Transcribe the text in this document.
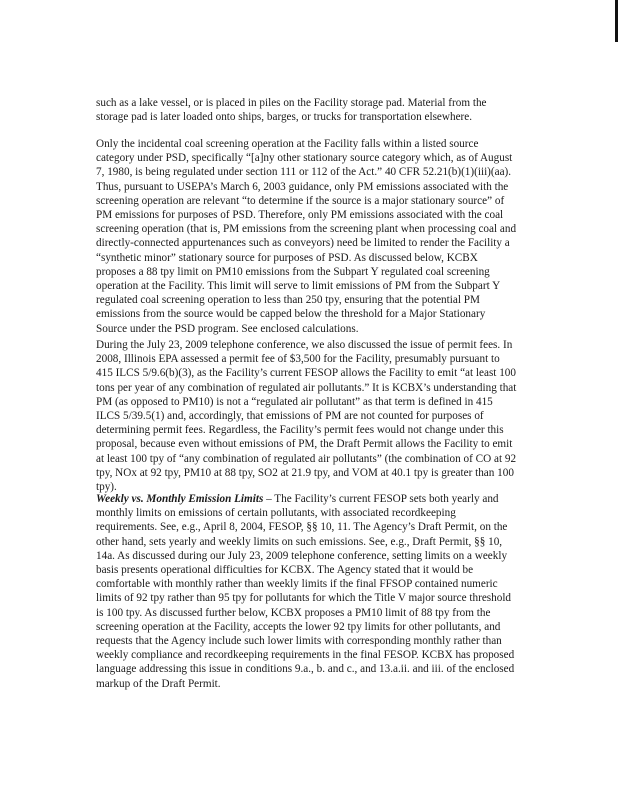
such as a lake vessel, or is placed in piles on the Facility storage pad. Material from the storage pad is later loaded onto ships, barges, or trucks for transportation elsewhere.

Only the incidental coal screening operation at the Facility falls within a listed source category under PSD, specifically “[a]ny other stationary source category which, as of August 7, 1980, is being regulated under section 111 or 112 of the Act.” 40 CFR 52.21(b)(1)(iii)(aa). Thus, pursuant to USEPA’s March 6, 2003 guidance, only PM emissions associated with the screening operation are relevant “to determine if the source is a major stationary source” of PM emissions for purposes of PSD. Therefore, only PM emissions associated with the coal screening operation (that is, PM emissions from the screening plant when processing coal and directly-connected appurtenances such as conveyors) need be limited to render the Facility a “synthetic minor” stationary source for purposes of PSD. As discussed below, KCBX proposes a 88 tpy limit on PM10 emissions from the Subpart Y regulated coal screening operation at the Facility. This limit will serve to limit emissions of PM from the Subpart Y regulated coal screening operation to less than 250 tpy, ensuring that the potential PM emissions from the source would be capped below the threshold for a Major Stationary Source under the PSD program. See enclosed calculations.

During the July 23, 2009 telephone conference, we also discussed the issue of permit fees. In 2008, Illinois EPA assessed a permit fee of $3,500 for the Facility, presumably pursuant to 415 ILCS 5/9.6(b)(3), as the Facility’s current FESOP allows the Facility to emit “at least 100 tons per year of any combination of regulated air pollutants.” It is KCBX’s understanding that PM (as opposed to PM10) is not a “regulated air pollutant” as that term is defined in 415 ILCS 5/39.5(1) and, accordingly, that emissions of PM are not counted for purposes of determining permit fees. Regardless, the Facility’s permit fees would not change under this proposal, because even without emissions of PM, the Draft Permit allows the Facility to emit at least 100 tpy of “any combination of regulated air pollutants” (the combination of CO at 92 tpy, NOx at 92 tpy, PM10 at 88 tpy, SO2 at 21.9 tpy, and VOM at 40.1 tpy is greater than 100 tpy).

Weekly vs. Monthly Emission Limits – The Facility’s current FESOP sets both yearly and monthly limits on emissions of certain pollutants, with associated recordkeeping requirements. See, e.g., April 8, 2004, FESOP, §§ 10, 11. The Agency’s Draft Permit, on the other hand, sets yearly and weekly limits on such emissions. See, e.g., Draft Permit, §§ 10, 14a. As discussed during our July 23, 2009 telephone conference, setting limits on a weekly basis presents operational difficulties for KCBX. The Agency stated that it would be comfortable with monthly rather than weekly limits if the final FFSOP contained numeric limits of 92 tpy rather than 95 tpy for pollutants for which the Title V major source threshold is 100 tpy. As discussed further below, KCBX proposes a PM10 limit of 88 tpy from the screening operation at the Facility, accepts the lower 92 tpy limits for other pollutants, and requests that the Agency include such lower limits with corresponding monthly rather than weekly compliance and recordkeeping requirements in the final FESOP. KCBX has proposed language addressing this issue in conditions 9.a., b. and c., and 13.a.ii. and iii. of the enclosed markup of the Draft Permit.
